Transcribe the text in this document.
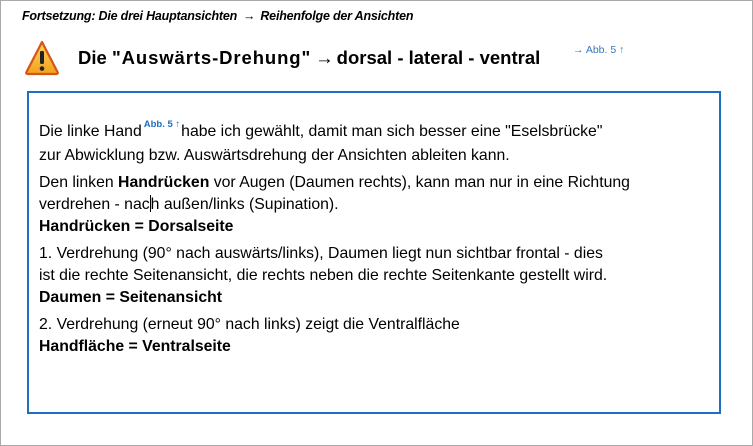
Fortsetzung: Die drei Hauptansichten → Reihenfolge der Ansichten
Die "Auswärts-Drehung" → dorsal - lateral - ventral	→ Abb. 5 ↑

Die linke Hand $^{Abb. 5 ↑}$habe ich gewählt, damit man sich besser eine "Eselsbrücke"
zur Abwicklung bzw. Auswärtsdrehung der Ansichten ableiten kann.

Den linken Handrücken vor Augen (Daumen rechts), kann man nur in eine Richtung
verdrehen - nach außen/links (Supination).
Handrücken = Dorsalseite

1. Verdrehung (90° nach auswärts/links), Daumen liegt nun sichtbar frontal - dies
ist die rechte Seitenansicht, die rechts neben die rechte Seitenkante gestellt wird.
Daumen = Seitenansicht

2. Verdrehung (erneut 90° nach links) zeigt die Ventralfläche
Handfläche = Ventralseite
